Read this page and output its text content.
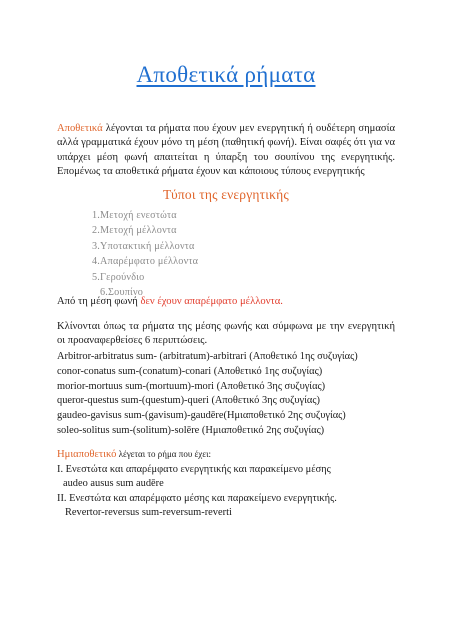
Αποθετικά ρήματα
Αποθετικά λέγονται τα ρήματα που έχουν μεν ενεργητική ή ουδέτερη σημασία αλλά γραμματικά έχουν μόνο τη μέση (παθητική φωνή). Είναι σαφές ότι για να υπάρχει μέση φωνή απαιτείται η ύπαρξη του σουπίνου της ενεργητικής. Επομένως τα αποθετικά ρήματα έχουν και κάποιους τύπους ενεργητικής
Τύποι της ενεργητικής
1.Μετοχή ενεστώτα
2.Μετοχή μέλλοντα
3.Υποτακτική μέλλοντα
4.Απαρέμφατο μέλλοντα
5.Γερούνδιο
6.Σουπίνο
Από τη μέση φωνή δεν έχουν απαρέμφατο μέλλοντα.
Κλίνονται όπως τα ρήματα της μέσης φωνής και σύμφωνα με την ενεργητική οι προαναφερθείσες 6 περιπτώσεις.
Arbitror-arbitratus sum- (arbitratum)-arbitrari (Αποθετικό 1ης συζυγίας)
conor-conatus sum-(conatum)-conari (Αποθετικό 1ης συζυγίας)
morior-mortuus sum-(mortuum)-mori (Αποθετικό 3ης συζυγίας)
queror-questus sum-(questum)-queri (Αποθετικό 3ης συζυγίας)
gaudeo-gavisus sum-(gavisum)-gaudēre(Ημιαποθετικό 2ης συζυγίας)
soleo-solitus sum-(solitum)-solēre (Ημιαποθετικό 2ης συζυγίας)
Ημιαποθετικό λέγεται το ρήμα που έχει:
Ι. Ενεστώτα και απαρέμφατο ενεργητικής και παρακείμενο μέσης
audeo ausus sum audēre
ΙΙ. Ενεστώτα και απαρέμφατο μέσης και παρακείμενο ενεργητικής.
Revertor-reversus sum-reversum-reverti
